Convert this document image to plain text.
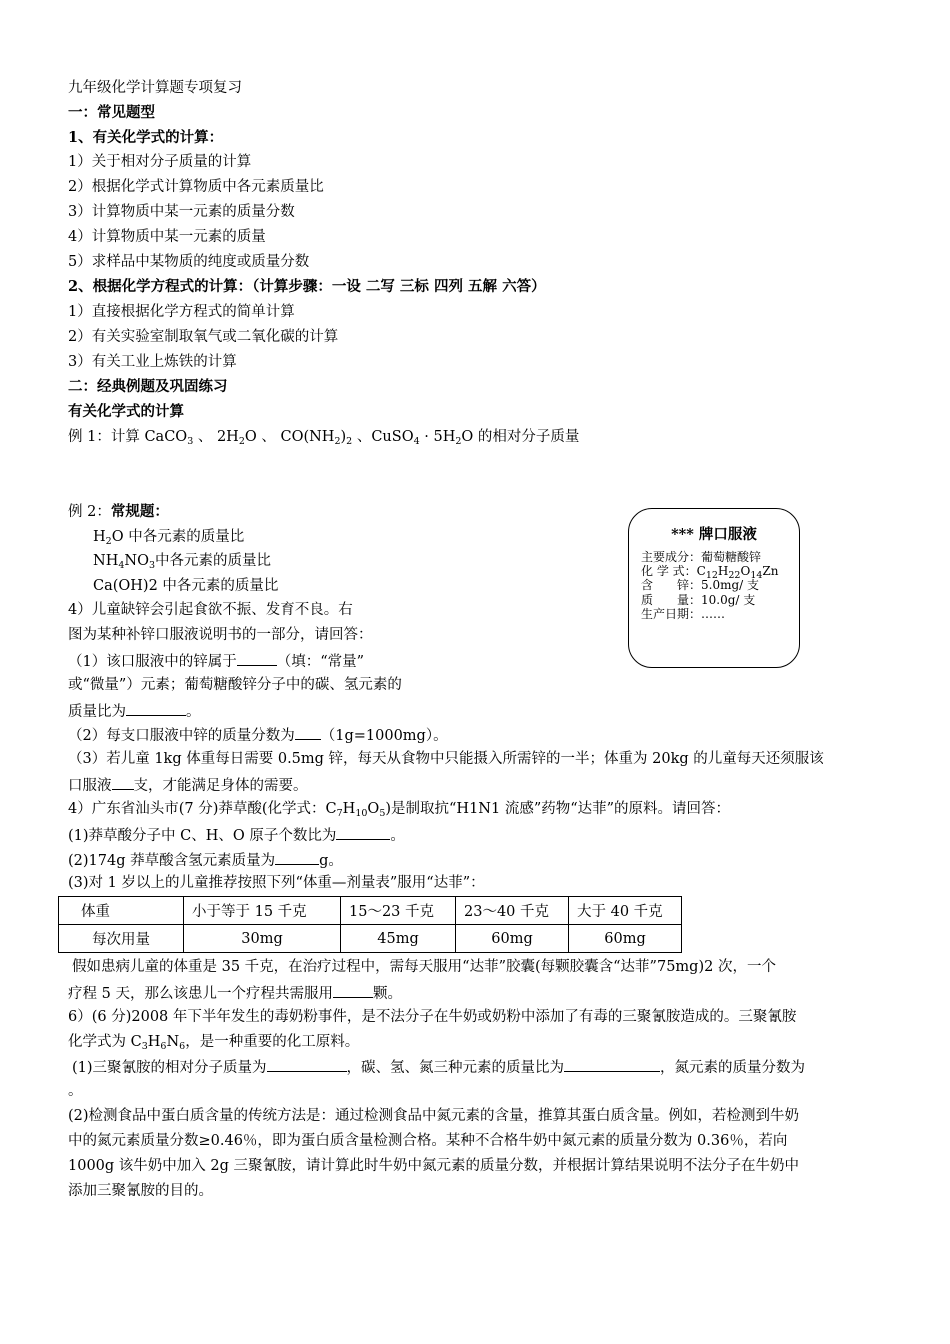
九年级化学计算题专项复习
一：常见题型
1、有关化学式的计算：
1）关于相对分子质量的计算
2）根据化学式计算物质中各元素质量比
3）计算物质中某一元素的质量分数
4）计算物质中某一元素的质量
5）求样品中某物质的纯度或质量分数
2、根据化学方程式的计算：（计算步骤：一设 二写 三标 四列 五解 六答）
1）直接根据化学方程式的简单计算
2）有关实验室制取氧气或二氧化碳的计算
3）有关工业上炼铁的计算
二：经典例题及巩固练习
有关化学式的计算
例 1：计算 CaCO$_3$ 、 $2H_2O$ 、 $CO(NH_2)_2$ 、CuSO$_4$ · $5H_2O$ 的相对分子质量
例 2：常规题：
$H_2O$ 中各元素的质量比
$NH_4NO_3$中各元素的质量比
Ca(OH)2 中各元素的质量比
*** 牌口服液
主要成分：葡萄糖酸锌
化 学 式：$C_{12}H_{22}O_{14}Zn$
含　　锌：5.0mg/ 支
质　　量：10.0g/ 支
生产日期：……
4）儿童缺锌会引起食欲不振、发育不良。右
图为某种补锌口服液说明书的一部分，请回答：
（1）该口服液中的锌属于	（填：“常量”
或“微量”）元素；葡萄糖酸锌分子中的碳、氢元素的
质量比为	。
（2）每支口服液中锌的质量分数为 （1g=1000mg）。
（3）若儿童 1kg 体重每日需要 0.5mg 锌，每天从食物中只能摄入所需锌的一半；体重为 20kg 的儿童每天还须服该
口服液 支，才能满足身体的需要。
4）广东省汕头市(7 分)莽草酸(化学式：$C_7H_{10}O_5$)是制取抗“H1N1 流感”药物“达菲”的原料。请回答：
(1)莽草酸分子中 C、H、O 原子个数比为	。
(2)174g 莽草酸含氢元素质量为	g。
(3)对 1 岁以上的儿童推荐按照下列“体重—剂量表”服用“达菲”：
体重	小于等于 15 千克	15～23 千克	23～40 千克	大于 40 千克
每次用量	30mg	45mg	60mg	60mg
假如患病儿童的体重是 35 千克，在治疗过程中，需每天服用“达菲”胶囊(每颗胶囊含“达菲”75mg)2 次，一个
疗程 5 天，那么该患儿一个疗程共需服用	颗。
6）(6 分)2008 年下半年发生的毒奶粉事件，是不法分子在牛奶或奶粉中添加了有毒的三聚氰胺造成的。三聚氰胺
化学式为 $C_3H_6N_6$，是一种重要的化工原料。
(1)三聚氰胺的相对分子质量为	，碳、氢、氮三种元素的质量比为	，氮元素的质量分数为
。
(2)检测食品中蛋白质含量的传统方法是：通过检测食品中氮元素的含量，推算其蛋白质含量。例如，若检测到牛奶
中的氮元素质量分数≥0.46％，即为蛋白质含量检测合格。某种不合格牛奶中氮元素的质量分数为 0.36％，若向
1000g 该牛奶中加入 2g 三聚氰胺，请计算此时牛奶中氮元素的质量分数，并根据计算结果说明不法分子在牛奶中
添加三聚氰胺的目的。
